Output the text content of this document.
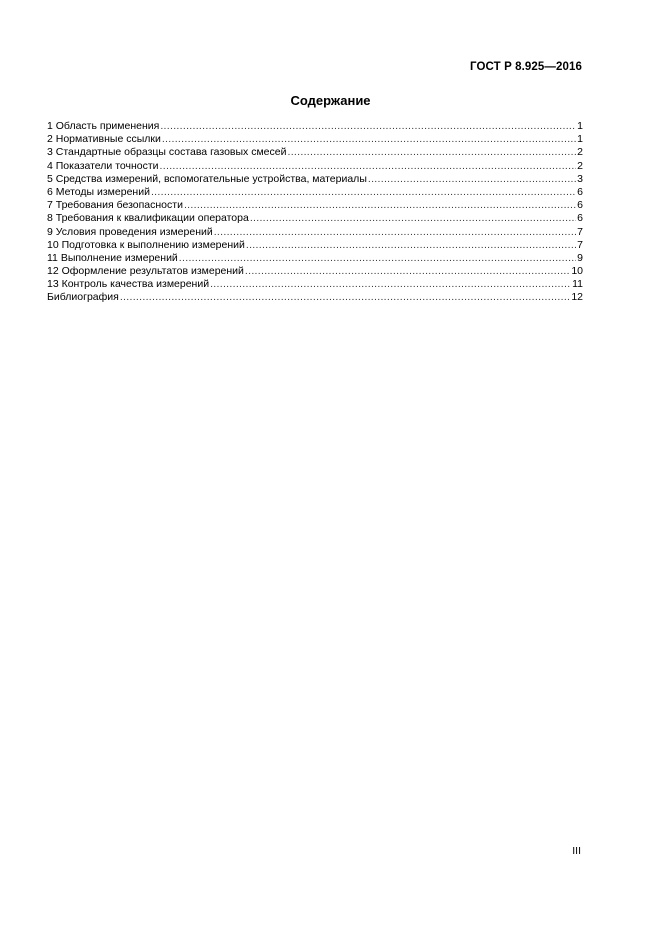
ГОСТ Р 8.925—2016
Содержание
1 Область применения .....	1
2 Нормативные ссылки .....	1
3 Стандартные образцы состава газовых смесей .....	2
4 Показатели точности .....	2
5 Средства измерений, вспомогательные устройства, материалы .....	3
6 Методы измерений .....	6
7 Требования безопасности .....	6
8 Требования к квалификации оператора .....	6
9 Условия проведения измерений .....	7
10 Подготовка к выполнению измерений .....	7
11 Выполнение измерений .....	9
12 Оформление результатов измерений .....	10
13 Контроль качества измерений .....	11
Библиография .....	12
III
